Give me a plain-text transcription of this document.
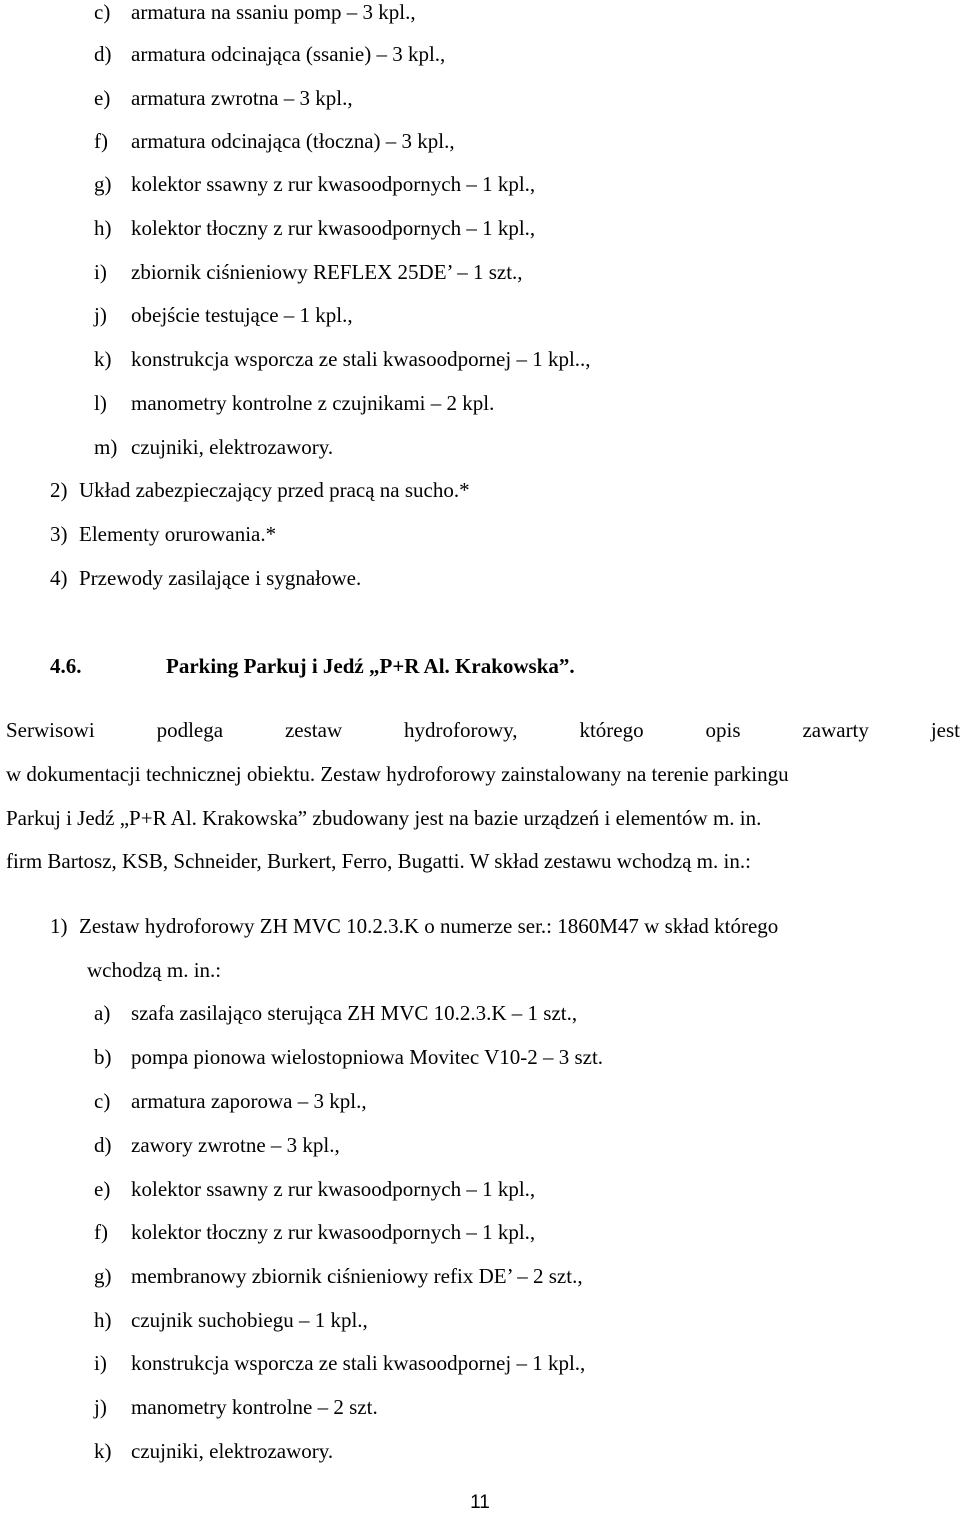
c) armatura na ssaniu pomp – 3 kpl.,
d) armatura odcinająca (ssanie) – 3 kpl.,
e) armatura zwrotna – 3 kpl.,
f) armatura odcinająca (tłoczna) – 3 kpl.,
g) kolektor ssawny z rur kwasoodpornych – 1 kpl.,
h) kolektor tłoczny z rur kwasoodpornych – 1 kpl.,
i) zbiornik ciśnieniowy REFLEX 25DE’ – 1 szt.,
j) obejście testujące – 1 kpl.,
k) konstrukcja wsporcza ze stali kwasoodpornej – 1 kpl..,
l) manometry kontrolne z czujnikami – 2 kpl.
m) czujniki, elektrozawory.
2) Układ zabezpieczający przed pracą na sucho.*
3) Elementy orurowania.*
4) Przewody zasilające i sygnałowe.
4.6.	Parking Parkuj i Jedź „P+R Al. Krakowska”.
Serwisowi	podlega	zestaw	hydroforowy,	którego	opis	zawarty	jest
w dokumentacji technicznej obiektu. Zestaw hydroforowy zainstalowany na terenie parkingu
Parkuj i Jedź „P+R Al. Krakowska” zbudowany jest na bazie urządzeń i elementów m. in.
firm Bartosz, KSB, Schneider, Burkert, Ferro, Bugatti. W skład zestawu wchodzą m. in.:
1) Zestaw hydroforowy ZH MVC 10.2.3.K o numerze ser.: 1860M47 w skład którego
wchodzą m. in.:
a) szafa zasilająco sterująca ZH MVC 10.2.3.K – 1 szt.,
b) pompa pionowa wielostopniowa Movitec V10-2 – 3 szt.
c) armatura zaporowa – 3 kpl.,
d) zawory zwrotne – 3 kpl.,
e) kolektor ssawny z rur kwasoodpornych – 1 kpl.,
f) kolektor tłoczny z rur kwasoodpornych – 1 kpl.,
g) membranowy zbiornik ciśnieniowy refix DE’ – 2 szt.,
h) czujnik suchobiegu – 1 kpl.,
i) konstrukcja wsporcza ze stali kwasoodpornej – 1 kpl.,
j) manometry kontrolne – 2 szt.
k) czujniki, elektrozawory.
11
